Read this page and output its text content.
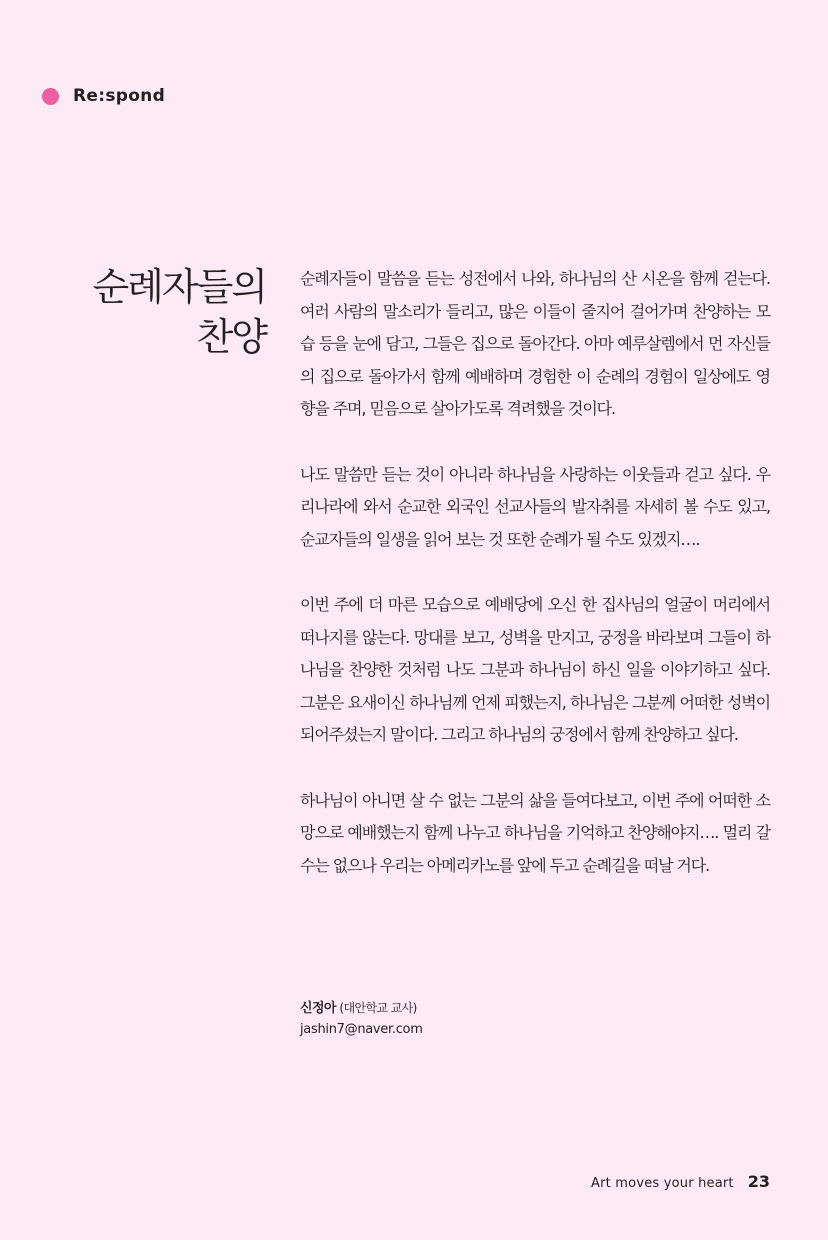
Re:spond
순례자들의
찬양

순례자들이 말씀을 듣는 성전에서 나와, 하나님의 산 시온을 함께 걷는다. 여러 사람의 말소리가 들리고, 많은 이들이 줄지어 걸어가며 찬양하는 모습 등을 눈에 담고, 그들은 집으로 돌아간다. 아마 예루살렘에서 먼 자신들의 집으로 돌아가서 함께 예배하며 경험한 이 순례의 경험이 일상에도 영향을 주며, 믿음으로 살아가도록 격려했을 것이다.

나도 말씀만 듣는 것이 아니라 하나님을 사랑하는 이웃들과 걷고 싶다. 우리나라에 와서 순교한 외국인 선교사들의 발자취를 자세히 볼 수도 있고, 순교자들의 일생을 읽어 보는 것 또한 순례가 될 수도 있겠지….

이번 주에 더 마른 모습으로 예배당에 오신 한 집사님의 얼굴이 머리에서 떠나지를 않는다. 망대를 보고, 성벽을 만지고, 궁정을 바라보며 그들이 하나님을 찬양한 것처럼 나도 그분과 하나님이 하신 일을 이야기하고 싶다. 그분은 요새이신 하나님께 언제 피했는지, 하나님은 그분께 어떠한 성벽이 되어주셨는지 말이다. 그리고 하나님의 궁정에서 함께 찬양하고 싶다.

하나님이 아니면 살 수 없는 그분의 삶을 들여다보고, 이번 주에 어떠한 소망으로 예배했는지 함께 나누고 하나님을 기억하고 찬양해야지…. 멀리 갈 수는 없으나 우리는 아메리카노를 앞에 두고 순례길을 떠날 거다.

신정아 (대안학교 교사)
jashin7@naver.com
Art moves your heart 23
